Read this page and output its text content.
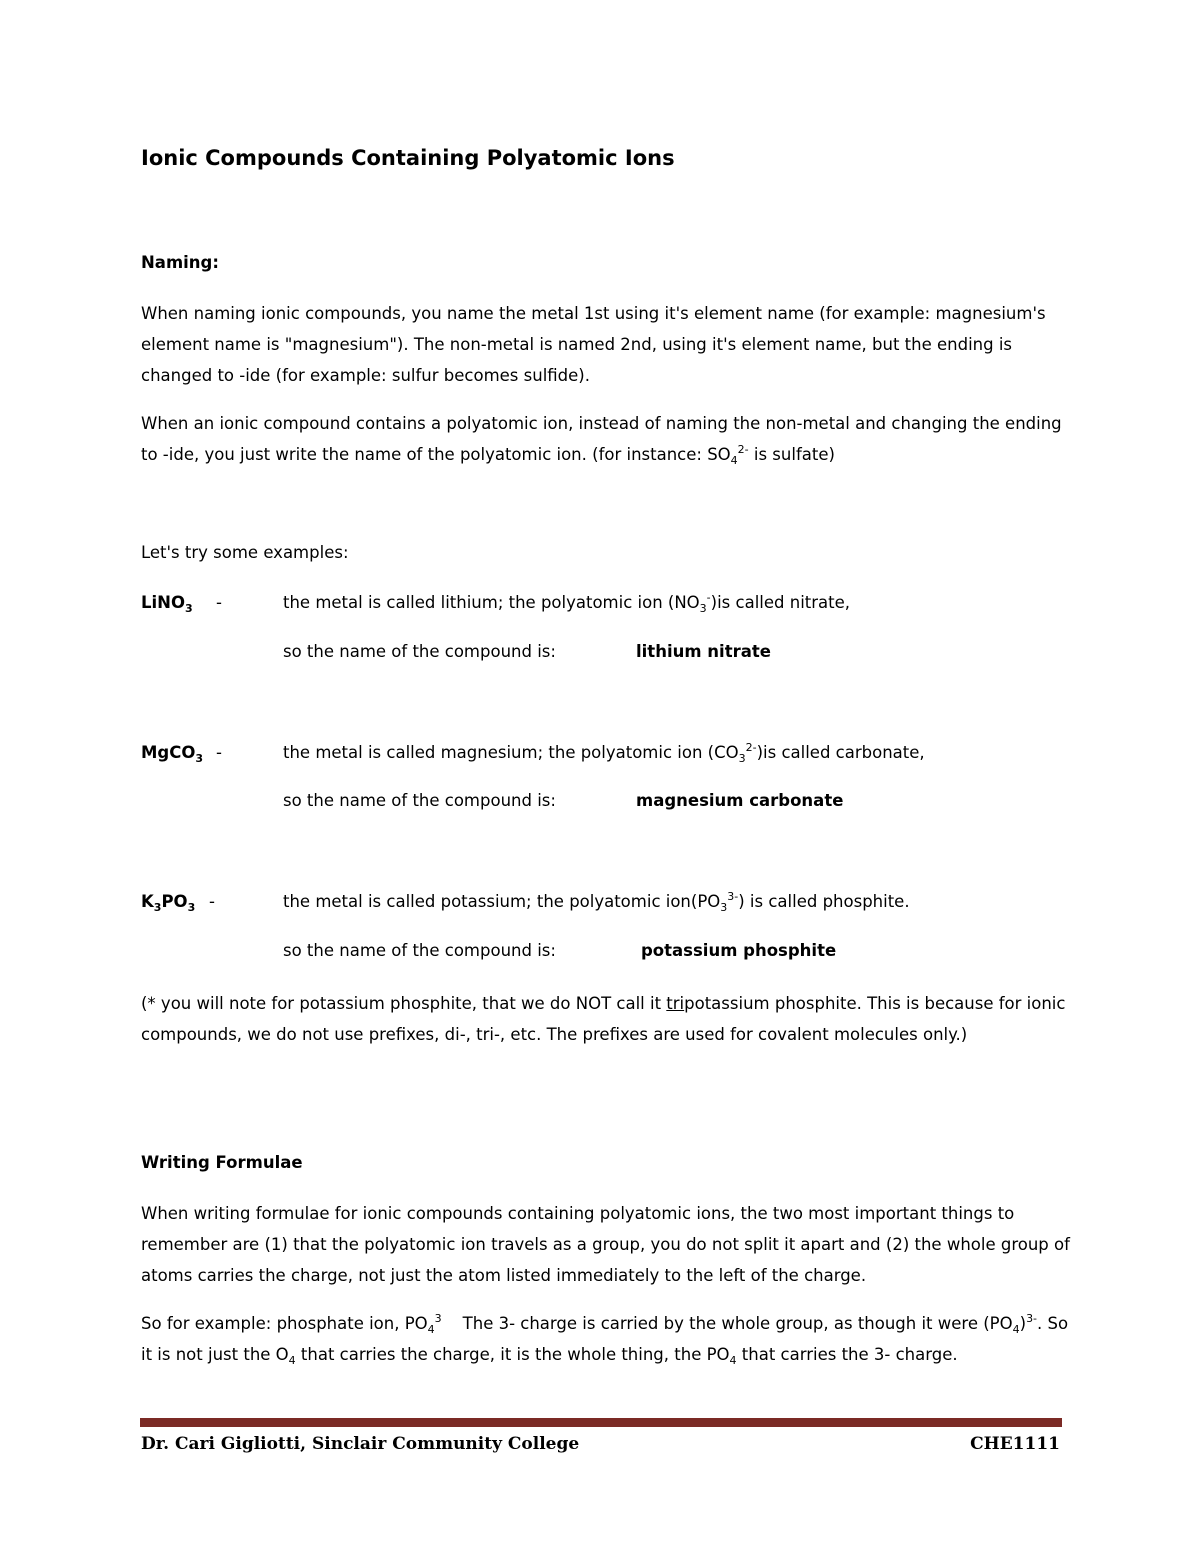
Ionic Compounds Containing Polyatomic Ions
Naming:
When naming ionic compounds, you name the metal 1st using it's element name (for example: magnesium's element name is "magnesium"). The non-metal is named 2nd, using it's element name, but the ending is changed to -ide (for example: sulfur becomes sulfide).
When an ionic compound contains a polyatomic ion, instead of naming the non-metal and changing the ending to -ide, you just write the name of the polyatomic ion. (for instance: $SO_4^{2-}$ is sulfate)
Let's try some examples:
LiNO$_3$ -	the metal is called lithium; the polyatomic ion $(NO_3^-)is$ called nitrate,
so the name of the compound is:	lithium nitrate
MgCO$_3$ -	the metal is called magnesium; the polyatomic ion $(CO_3^{2-})is$ called carbonate,
so the name of the compound is:	magnesium carbonate
$K_3PO_3$ -	the metal is called potassium; the polyatomic $ion(PO_3^{3-})$ is called phosphite.
so the name of the compound is:	potassium phosphite
(* you will note for potassium phosphite, that we do NOT call it tripotassium phosphite. This is because for ionic compounds, we do not use prefixes, di-, tri-, etc. The prefixes are used for covalent molecules only.)
Writing Formulae
When writing formulae for ionic compounds containing polyatomic ions, the two most important things to remember are (1) that the polyatomic ion travels as a group, you do not split it apart and (2) the whole group of atoms carries the charge, not just the atom listed immediately to the left of the charge.
So for example: phosphate ion, $PO_4^3$    The 3- charge is carried by the whole group, as though it were $(PO_4)^{3-}$. So it is not just the $O_4$ that carries the charge, it is the whole thing, the $PO_4$ that carries the 3- charge.
Dr. Cari Gigliotti, Sinclair Community College	CHE1111
